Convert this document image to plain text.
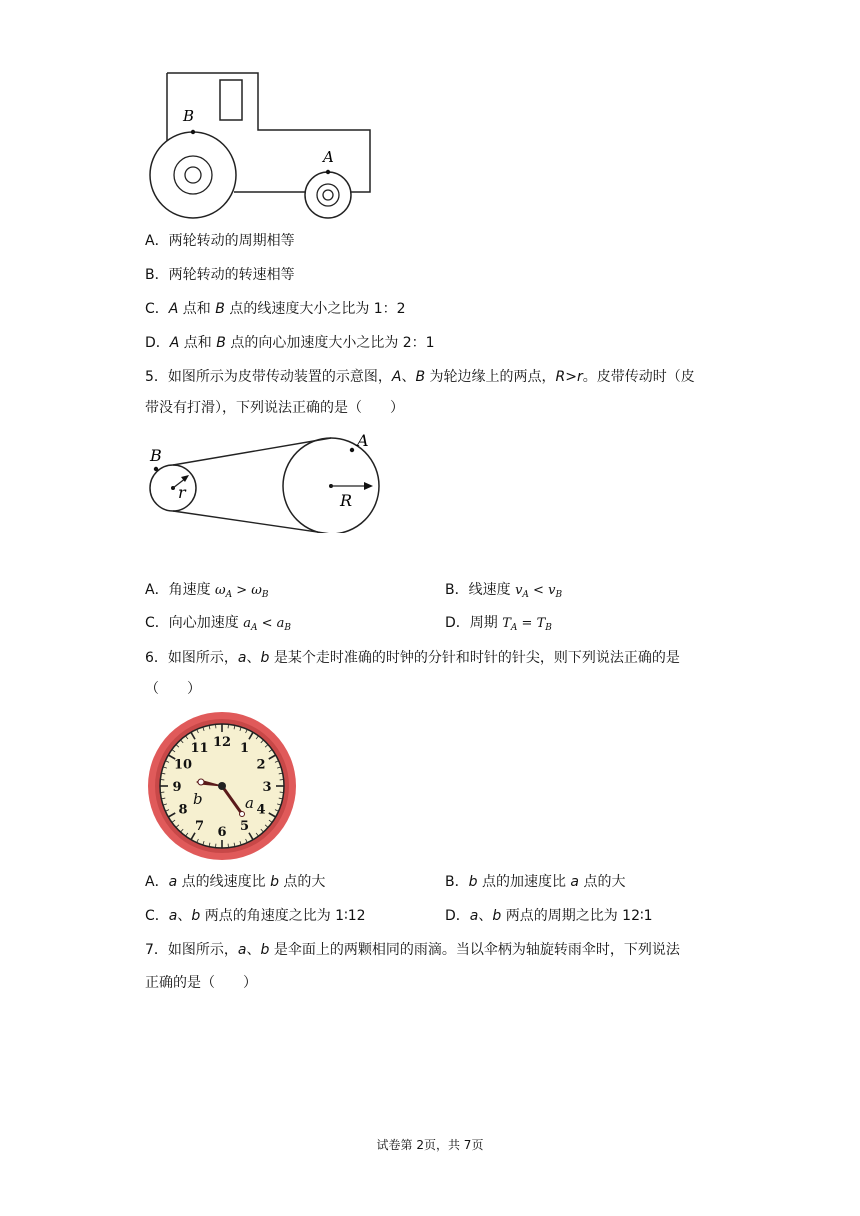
B
A
A．两轮转动的周期相等
B．两轮转动的转速相等
C．A 点和 B 点的线速度大小之比为 1：2
D．A 点和 B 点的向心加速度大小之比为 2：1
5．如图所示为皮带传动装置的示意图，A、B 为轮边缘上的两点，R>r。皮带传动时（皮
带没有打滑），下列说法正确的是（　　）
B
A
r	R
A．角速度 $\omega_A > \omega_B$	B．线速度 $v_A < v_B$
C．向心加速度 $a_A < a_B$	D．周期 $T_A = T_B$
6．如图所示，a、b 是某个走时准确的时钟的分针和时针的针尖，则下列说法正确的是
（　　）
12 1
2
3
4
5
6
7
8
9
10
11
b	a
A．a 点的线速度比 b 点的大	B．b 点的加速度比 a 点的大
C．a、b 两点的角速度之比为 1∶12	D．a、b 两点的周期之比为 12∶1
7．如图所示，a、b 是伞面上的两颗相同的雨滴。当以伞柄为轴旋转雨伞时，下列说法
正确的是（　　）
试卷第 2页，共 7页
